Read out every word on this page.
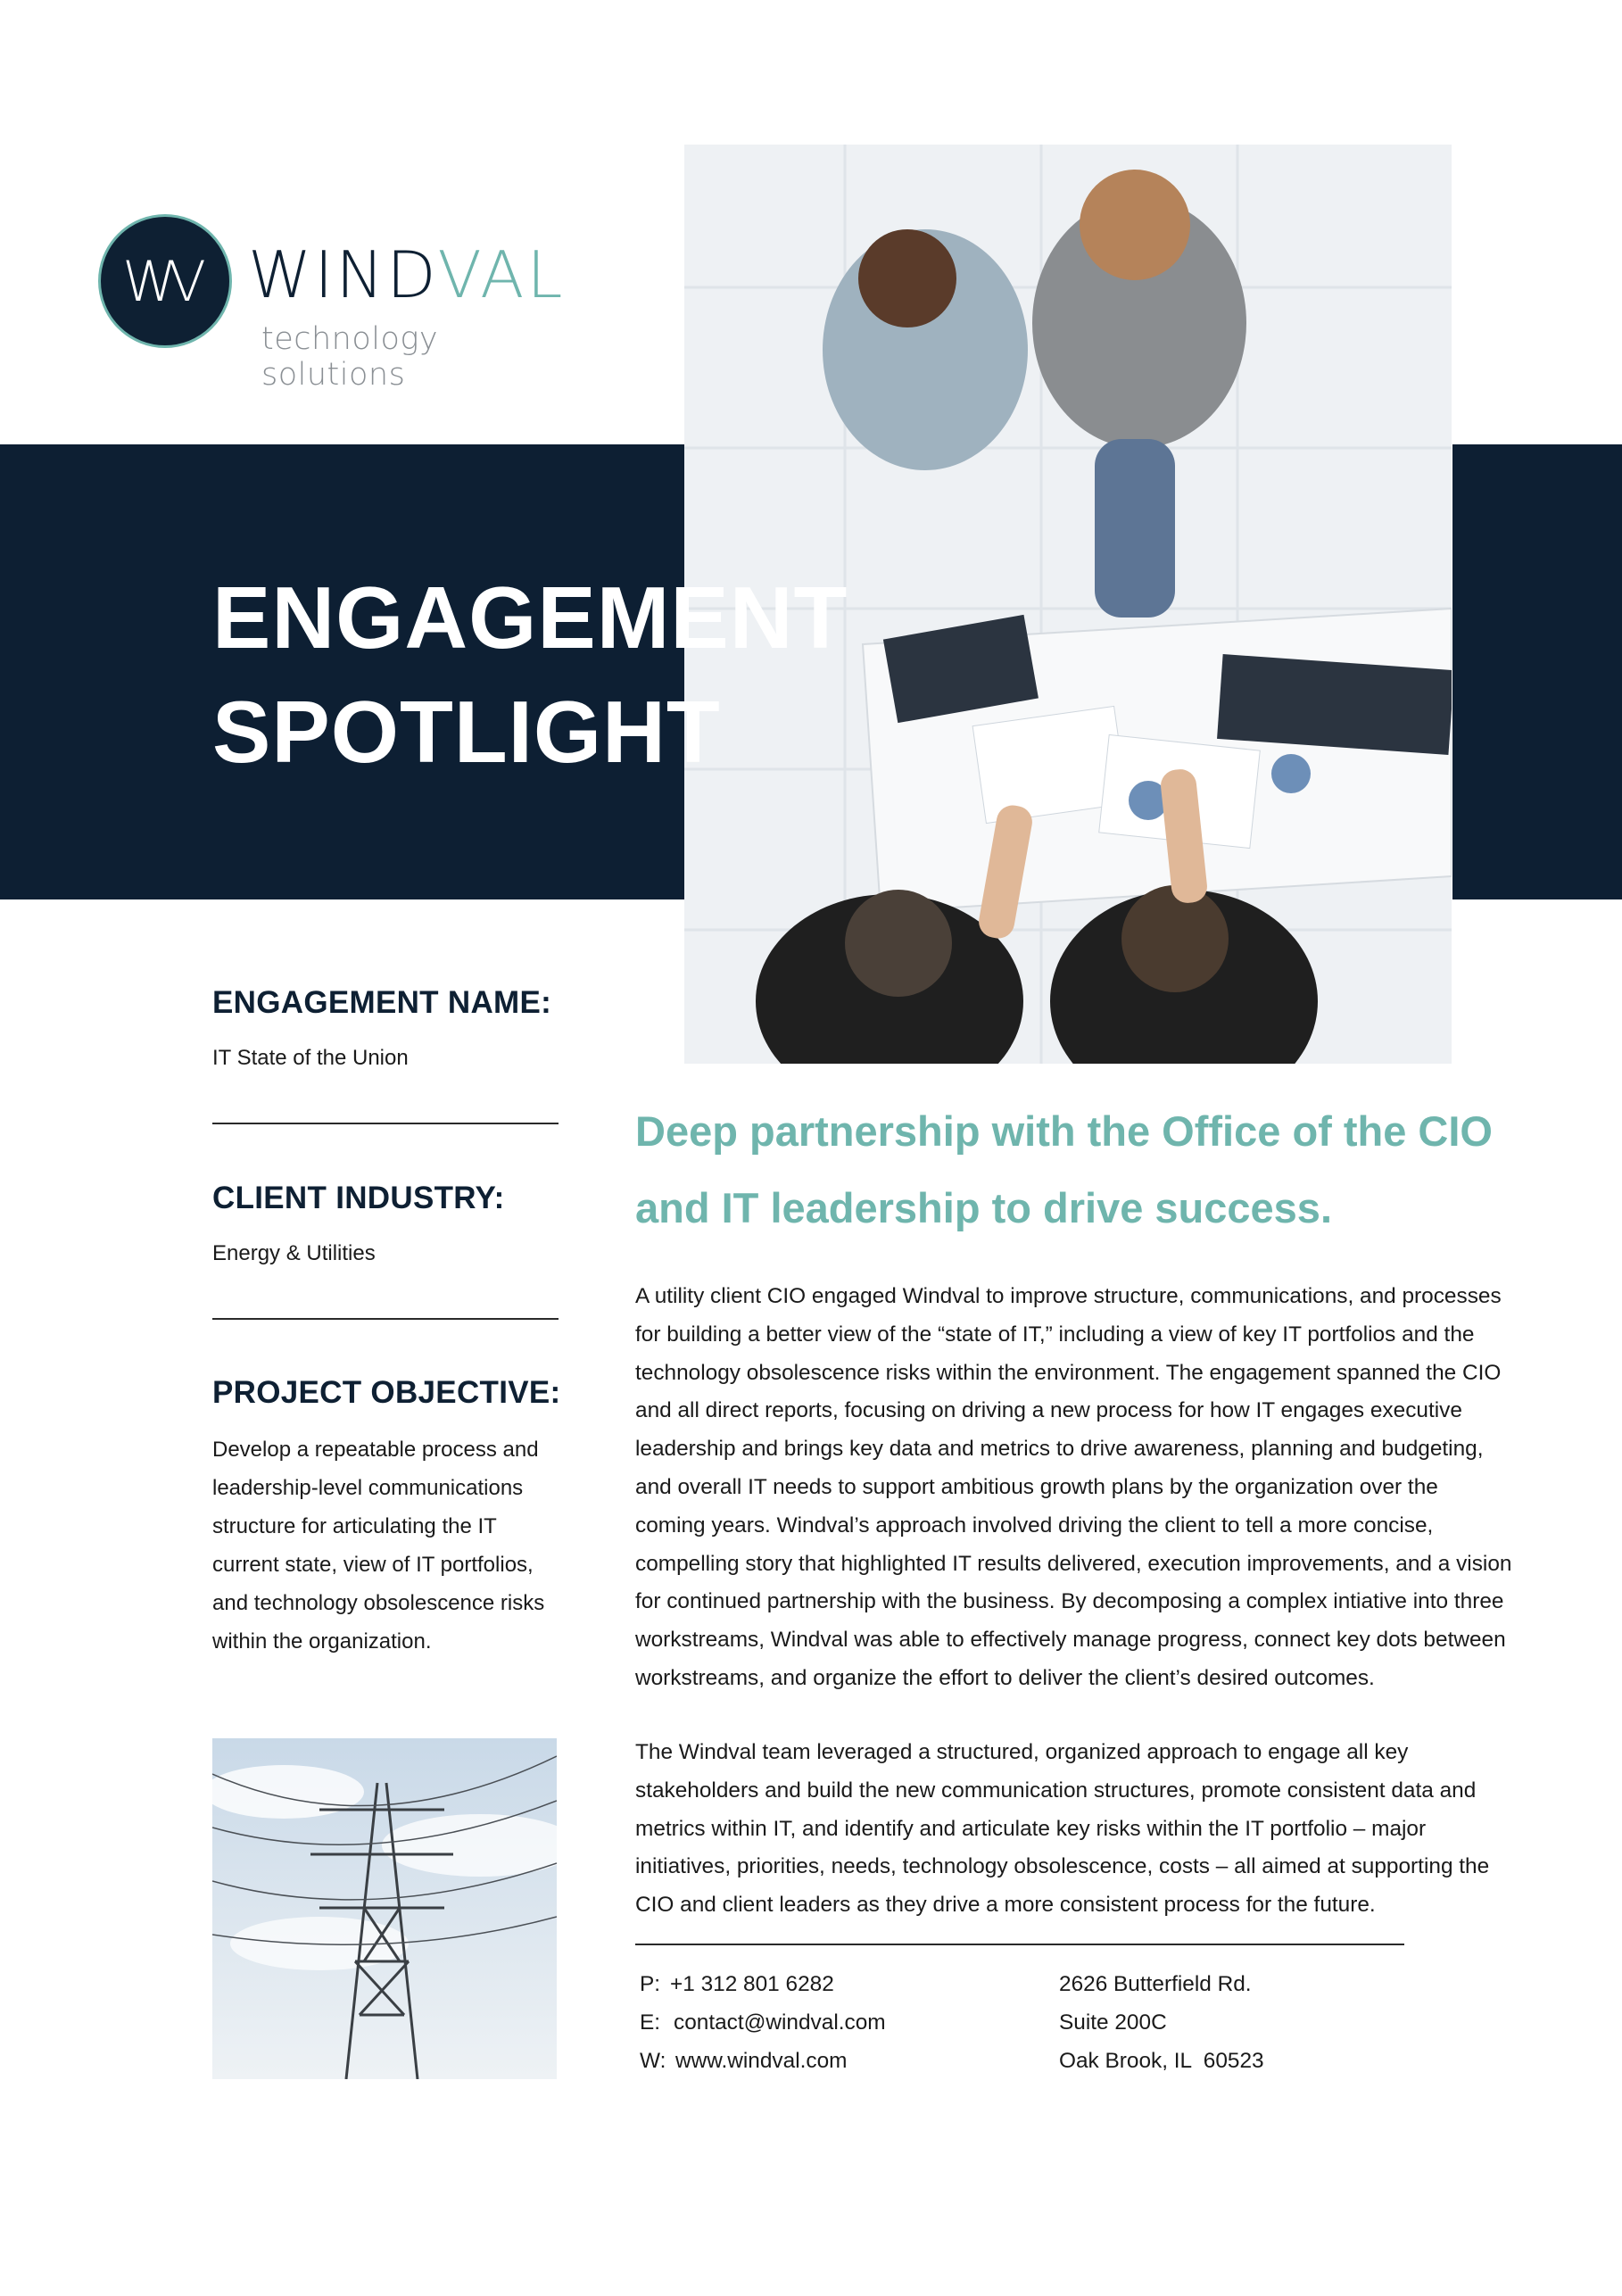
WV WINDVAL
technology solutions
ENGAGEMENT
SPOTLIGHT
ENGAGEMENT NAME:
IT State of the Union
CLIENT INDUSTRY:
Energy & Utilities
PROJECT OBJECTIVE:
Develop a repeatable process and
leadership-level communications
structure for articulating the IT
current state, view of IT portfolios,
and technology obsolescence risks
within the organization.
Deep partnership with the Office of the CIO
and IT leadership to drive success.
A utility client CIO engaged Windval to improve structure, communications, and processes
for building a better view of the “state of IT,” including a view of key IT portfolios and the
technology obsolescence risks within the environment. The engagement spanned the CIO
and all direct reports, focusing on driving a new process for how IT engages executive
leadership and brings key data and metrics to drive awareness, planning and budgeting,
and overall IT needs to support ambitious growth plans by the organization over the
coming years. Windval’s approach involved driving the client to tell a more concise,
compelling story that highlighted IT results delivered, execution improvements, and a vision
for continued partnership with the business. By decomposing a complex intiative into three
workstreams, Windval was able to effectively manage progress, connect key dots between
workstreams, and organize the effort to deliver the client’s desired outcomes.
The Windval team leveraged a structured, organized approach to engage all key
stakeholders and build the new communication structures, promote consistent data and
metrics within IT, and identify and articulate key risks within the IT portfolio – major
initiatives, priorities, needs, technology obsolescence, costs – all aimed at supporting the
CIO and client leaders as they drive a more consistent process for the future.
P: +1 312 801 6282
E: contact@windval.com
W: www.windval.com
2626 Butterfield Rd.
Suite 200C
Oak Brook, IL  60523
